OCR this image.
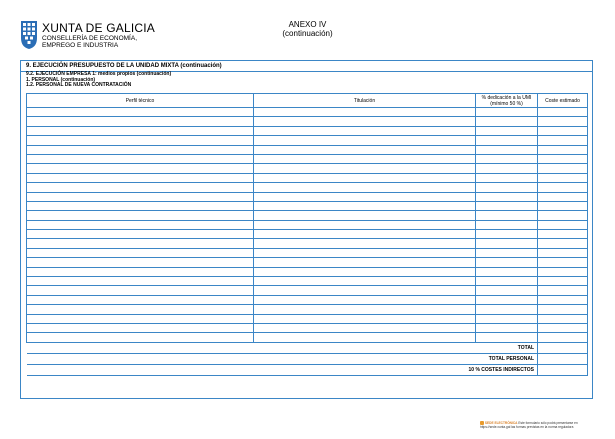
XUNTA DE GALICIA
CONSELLERÍA DE ECONOMÍA,
EMPREGO E INDUSTRIA
ANEXO IV
(continuación)
9. EJECUCIÓN PRESUPUESTO DE LA UNIDAD MIXTA (continuación)
9.2. EJECUCIÓN EMPRESA 1: medios propios (continuación)
1. PERSONAL (continuación)
1.2. PERSONAL DE NUEVA CONTRATACIÓN
Perfil técnico	Titulación	% dedicación a la UMI
(mínimo 50 %)	Coste estimado

TOTAL			
TOTAL PERSONAL			
10 % COSTES INDIRECTOS			
SEDE ELECTRÓNICA Este formulario sólo podrá presentarse en
https://sede.xunta.gal las formas previstas en la norma reguladora
